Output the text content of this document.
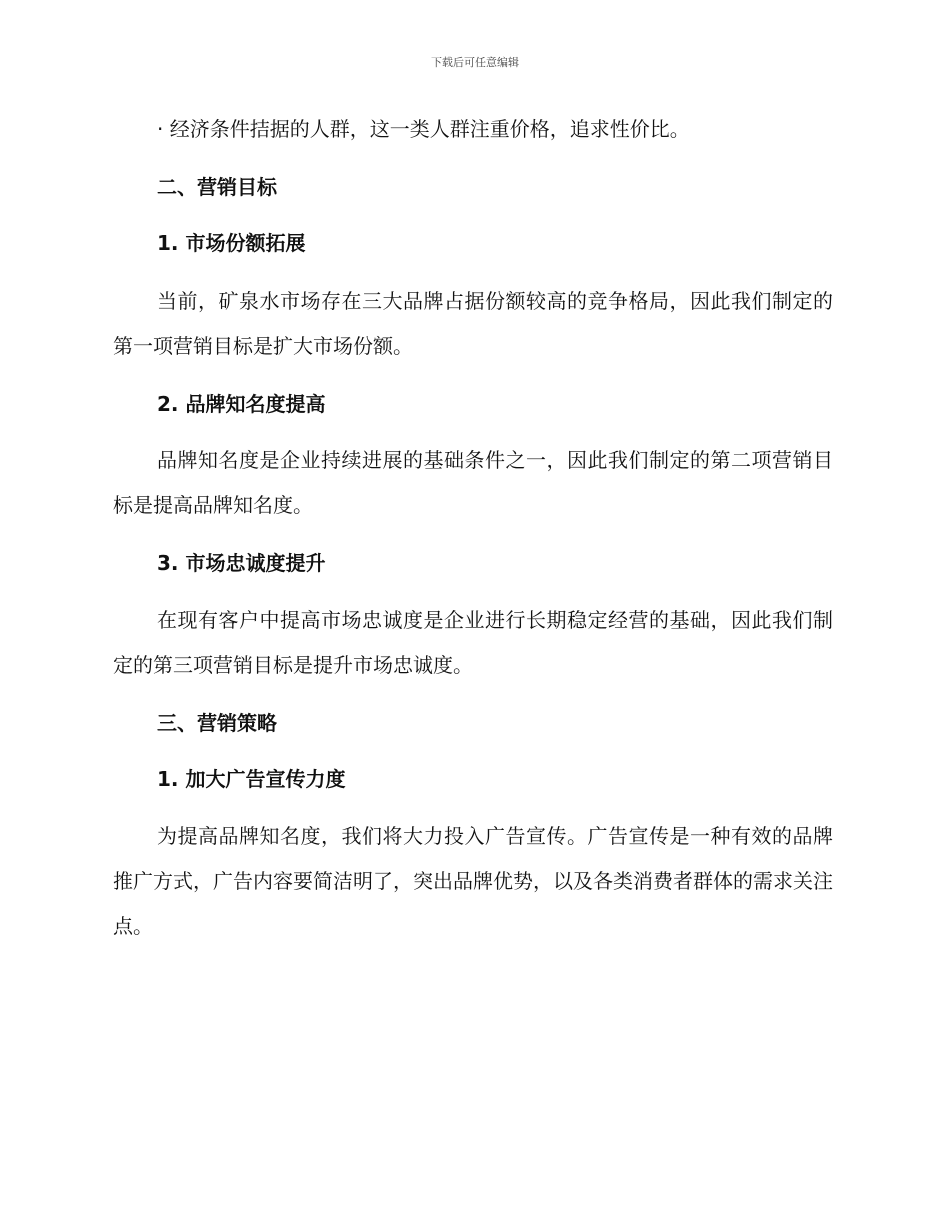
下载后可任意编辑
· 经济条件拮据的人群，这一类人群注重价格，追求性价比。
二、营销目标
1. 市场份额拓展
当前，矿泉水市场存在三大品牌占据份额较高的竞争格局，因此我们制定的第一项营销目标是扩大市场份额。
2. 品牌知名度提高
品牌知名度是企业持续进展的基础条件之一，因此我们制定的第二项营销目标是提高品牌知名度。
3. 市场忠诚度提升
在现有客户中提高市场忠诚度是企业进行长期稳定经营的基础，因此我们制定的第三项营销目标是提升市场忠诚度。
三、营销策略
1. 加大广告宣传力度
为提高品牌知名度，我们将大力投入广告宣传。广告宣传是一种有效的品牌推广方式，广告内容要简洁明了，突出品牌优势，以及各类消费者群体的需求关注点。
